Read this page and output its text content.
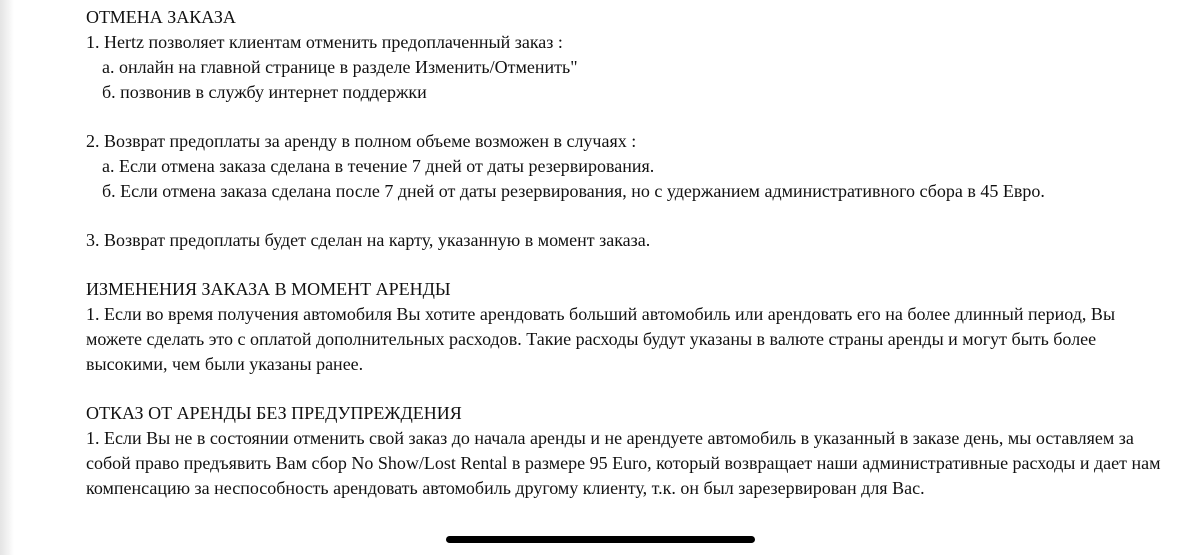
ОТМЕНА ЗАКАЗА
1. Hertz позволяет клиентам отменить предоплаченный заказ :
а. онлайн на главной странице в разделе Изменить/Отменить"
б. позвонив в службу интернет поддержки
2. Возврат предоплаты за аренду в полном объеме возможен в случаях :
а. Если отмена заказа сделана в течение 7 дней от даты резервирования.
б. Если отмена заказа сделана после 7 дней от даты резервирования, но с удержанием административного сбора в 45 Евро.
3. Возврат предоплаты будет сделан на карту, указанную в момент заказа.
ИЗМЕНЕНИЯ ЗАКАЗА В МОМЕНТ АРЕНДЫ
1. Если во время получения автомобиля Вы хотите арендовать больший автомобиль или арендовать его на более длинный период, Вы можете сделать это с оплатой дополнительных расходов. Такие расходы будут указаны в валюте страны аренды и могут быть более высокими, чем были указаны ранее.
ОТКАЗ ОТ АРЕНДЫ БЕЗ ПРЕДУПРЕЖДЕНИЯ
1. Если Вы не в состоянии отменить свой заказ до начала аренды и не арендуете автомобиль в указанный в заказе день, мы оставляем за собой право предъявить Вам сбор No Show/Lost Rental в размере 95 Euro, который возвращает наши административные расходы и дает нам компенсацию за неспособность арендовать автомобиль другому клиенту, т.к. он был зарезервирован для Вас.
